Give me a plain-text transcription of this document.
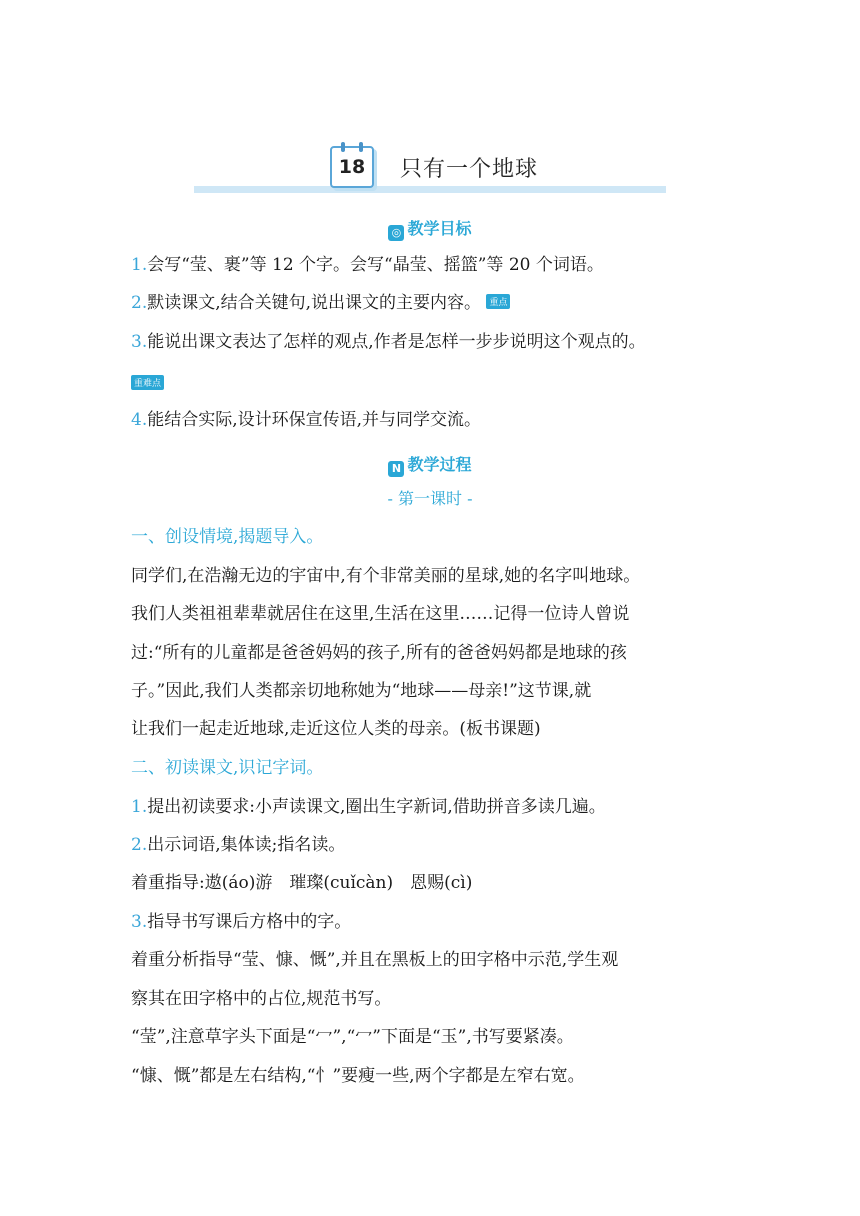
18 只有一个地球
◎ 教学目标
1.会写“莹、裹”等 12 个字。会写“晶莹、摇篮”等 20 个词语。
2.默读课文,结合关键句,说出课文的主要内容。 重点
3.能说出课文表达了怎样的观点,作者是怎样一步步说明这个观点的。
重难点
4.能结合实际,设计环保宣传语,并与同学交流。
N 教学过程
- 第一课时 -
一、创设情境,揭题导入。
同学们,在浩瀚无边的宇宙中,有个非常美丽的星球,她的名字叫地球。
我们人类祖祖辈辈就居住在这里,生活在这里……记得一位诗人曾说
过:“所有的儿童都是爸爸妈妈的孩子,所有的爸爸妈妈都是地球的孩
子。”因此,我们人类都亲切地称她为“地球——母亲!”这节课,就
让我们一起走近地球,走近这位人类的母亲。(板书课题)
二、初读课文,识记字词。
1.提出初读要求:小声读课文,圈出生字新词,借助拼音多读几遍。
2.出示词语,集体读;指名读。
着重指导:遨(áo)游　璀璨(cuǐcàn)　恩赐(cì)
3.指导书写课后方格中的字。
着重分析指导“莹、慷、慨”,并且在黑板上的田字格中示范,学生观
察其在田字格中的占位,规范书写。
“莹”,注意草字头下面是“冖”,“冖”下面是“玉”,书写要紧凑。
“慷、慨”都是左右结构,“忄”要瘦一些,两个字都是左窄右宽。
